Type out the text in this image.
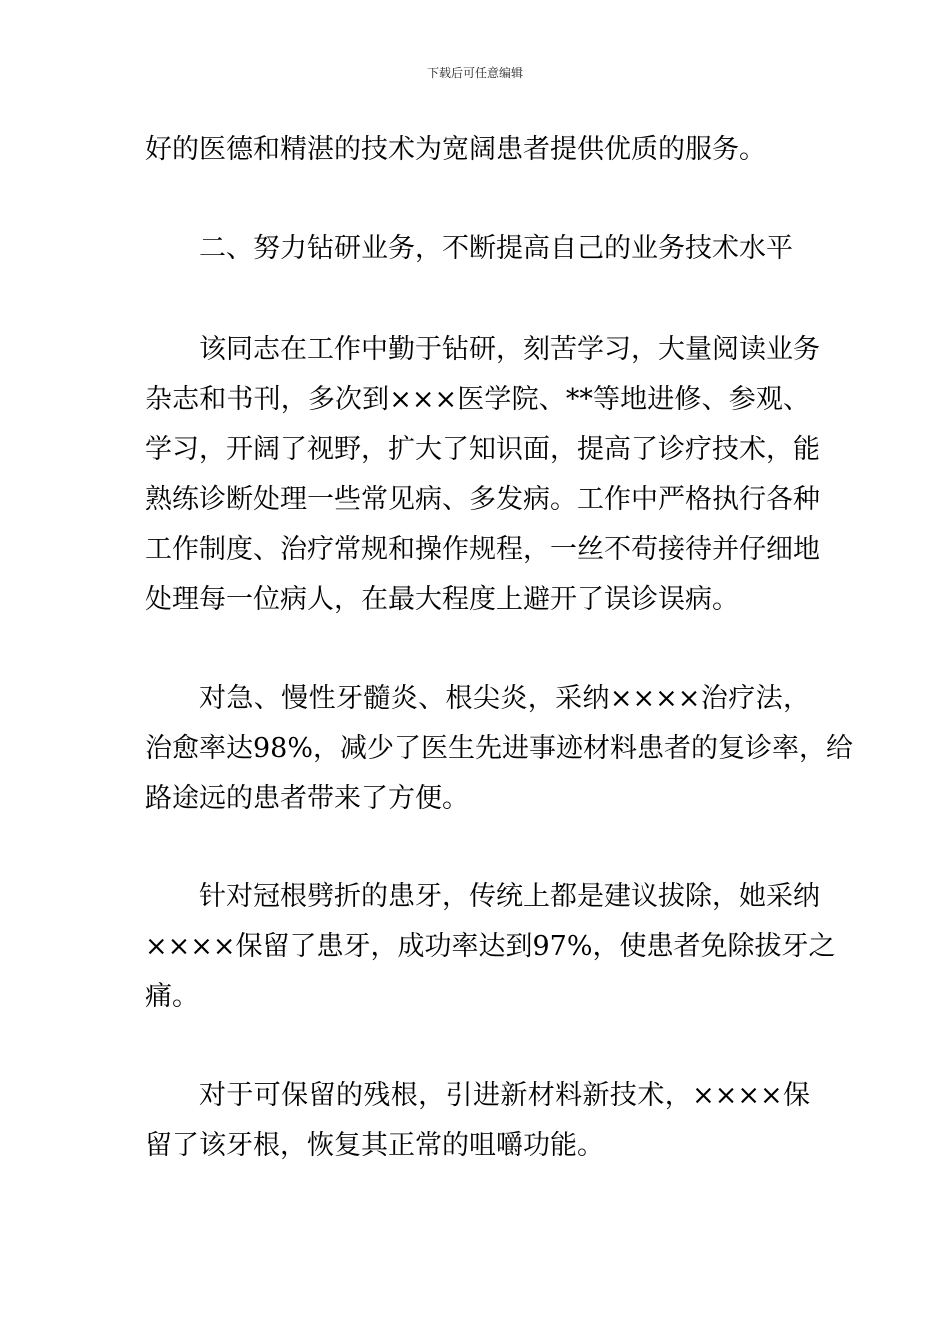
下载后可任意编辑
好的医德和精湛的技术为宽阔患者提供优质的服务。
二、努力钻研业务，不断提高自己的业务技术水平
该同志在工作中勤于钻研，刻苦学习，大量阅读业务
杂志和书刊，多次到×××医学院、**等地进修、参观、
学习，开阔了视野，扩大了知识面，提高了诊疗技术，能
熟练诊断处理一些常见病、多发病。工作中严格执行各种
工作制度、治疗常规和操作规程，一丝不苟接待并仔细地
处理每一位病人，在最大程度上避开了误诊误病。
对急、慢性牙髓炎、根尖炎，采纳××××治疗法，
治愈率达98%，减少了医生先进事迹材料患者的复诊率，给
路途远的患者带来了方便。
针对冠根劈折的患牙，传统上都是建议拔除，她采纳
××××保留了患牙，成功率达到97%，使患者免除拔牙之
痛。
对于可保留的残根，引进新材料新技术，××××保
留了该牙根，恢复其正常的咀嚼功能。
